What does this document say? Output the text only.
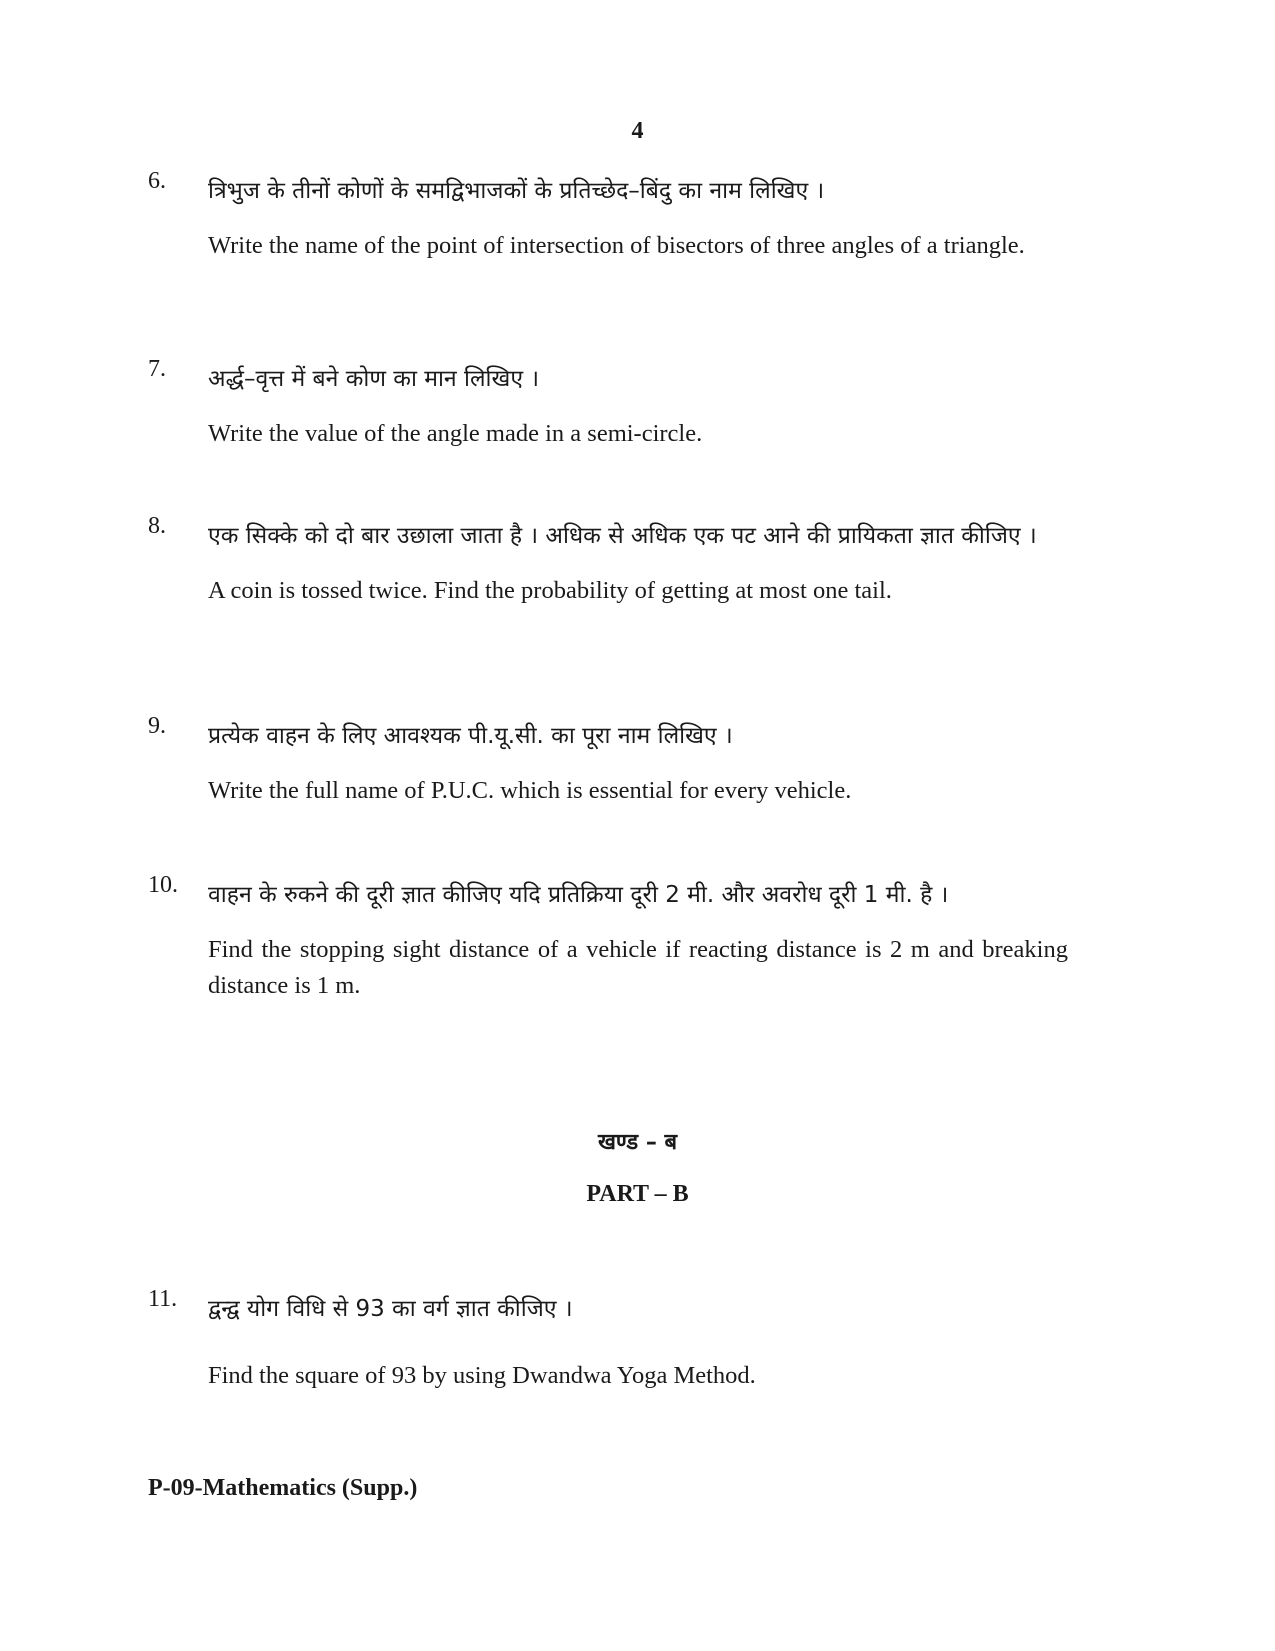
4
6. त्रिभुज के तीनों कोणों के समद्विभाजकों के प्रतिच्छेद–बिंदु का नाम लिखिए ।
Write the name of the point of intersection of bisectors of three angles of a triangle.
7. अर्द्ध–वृत्त में बने कोण का मान लिखिए ।
Write the value of the angle made in a semi-circle.
8. एक सिक्के को दो बार उछाला जाता है । अधिक से अधिक एक पट आने की प्रायिकता ज्ञात कीजिए ।
A coin is tossed twice. Find the probability of getting at most one tail.
9. प्रत्येक वाहन के लिए आवश्यक पी.यू.सी. का पूरा नाम लिखिए ।
Write the full name of P.U.C. which is essential for every vehicle.
10. वाहन के रुकने की दूरी ज्ञात कीजिए यदि प्रतिक्रिया दूरी 2 मी. और अवरोध दूरी 1 मी. है ।
Find the stopping sight distance of a vehicle if reacting distance is 2 m and breaking distance is 1 m.
खण्ड – ब
PART – B
11. द्वन्द्व योग विधि से 93 का वर्ग ज्ञात कीजिए ।
Find the square of 93 by using Dwandwa Yoga Method.
P-09-Mathematics (Supp.)
